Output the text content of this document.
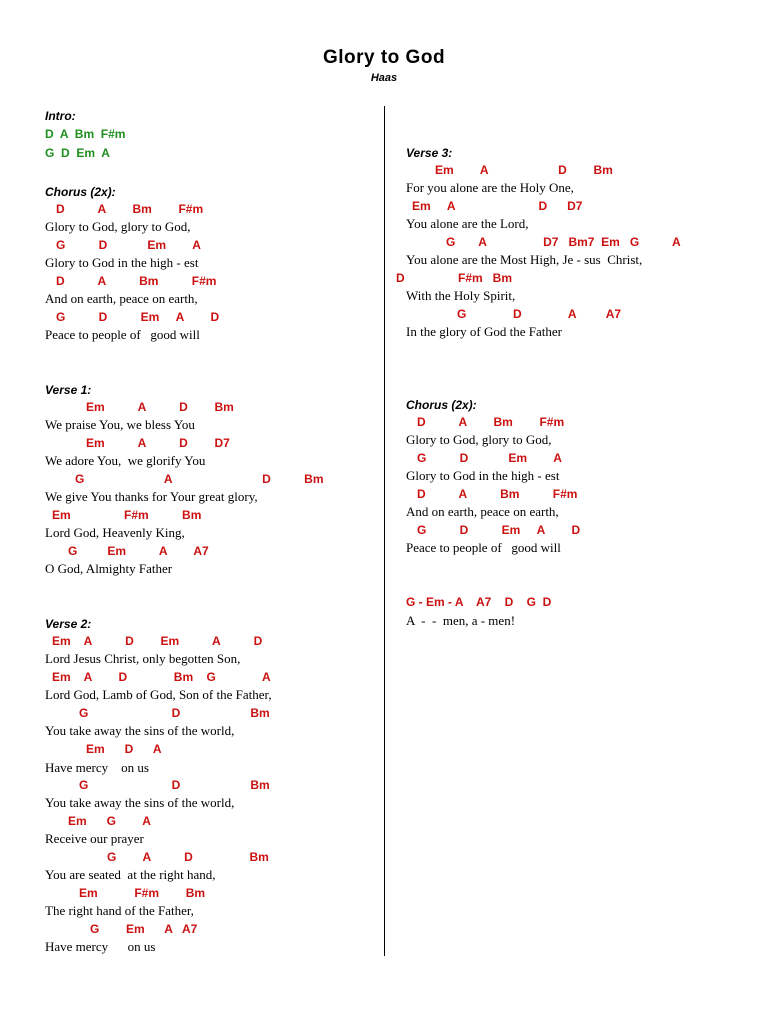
Glory to God
Haas
Intro:
D  A  Bm  F#m
G  D  Em  A
Chorus (2x):
D          A        Bm        F#m
Glory to God, glory to God,
G          D            Em        A
Glory to God in the high - est
D          A          Bm          F#m
And on earth, peace on earth,
G          D          Em     A        D
Peace to people of   good will
Verse 1:
Em          A          D        Bm
We praise You, we bless You
Em          A          D        D7
We adore You,  we glorify You
G                        A                           D          Bm
We give You thanks for Your great glory,
Em                F#m          Bm
Lord God, Heavenly King,
G         Em          A        A7
O God, Almighty Father
Verse 2:
Em    A          D        Em          A          D
Lord Jesus Christ, only begotten Son,
Em    A        D              Bm    G              A
Lord God, Lamb of God, Son of the Father,
G                         D                     Bm
You take away the sins of the world,
Em      D      A
Have mercy    on us
G                         D                     Bm
You take away the sins of the world,
Em      G        A
Receive our prayer
G        A          D                 Bm
You are seated  at the right hand,
Em           F#m        Bm
The right hand of the Father,
G        Em      A   A7
Have mercy      on us
Verse 3:
Em        A                     D        Bm
For you alone are the Holy One,
Em     A                         D      D7
You alone are the Lord,
G       A                 D7   Bm7  Em   G          A
You alone are the Most High, Je - sus  Christ,
D                F#m   Bm
With the Holy Spirit,
G              D              A         A7
In the glory of God the Father
Chorus (2x):
D          A        Bm        F#m
Glory to God, glory to God,
G          D            Em        A
Glory to God in the high - est
D          A          Bm          F#m
And on earth, peace on earth,
G          D          Em     A        D
Peace to people of   good will
G - Em - A    A7    D    G  D
A  -  -  men, a - men!
